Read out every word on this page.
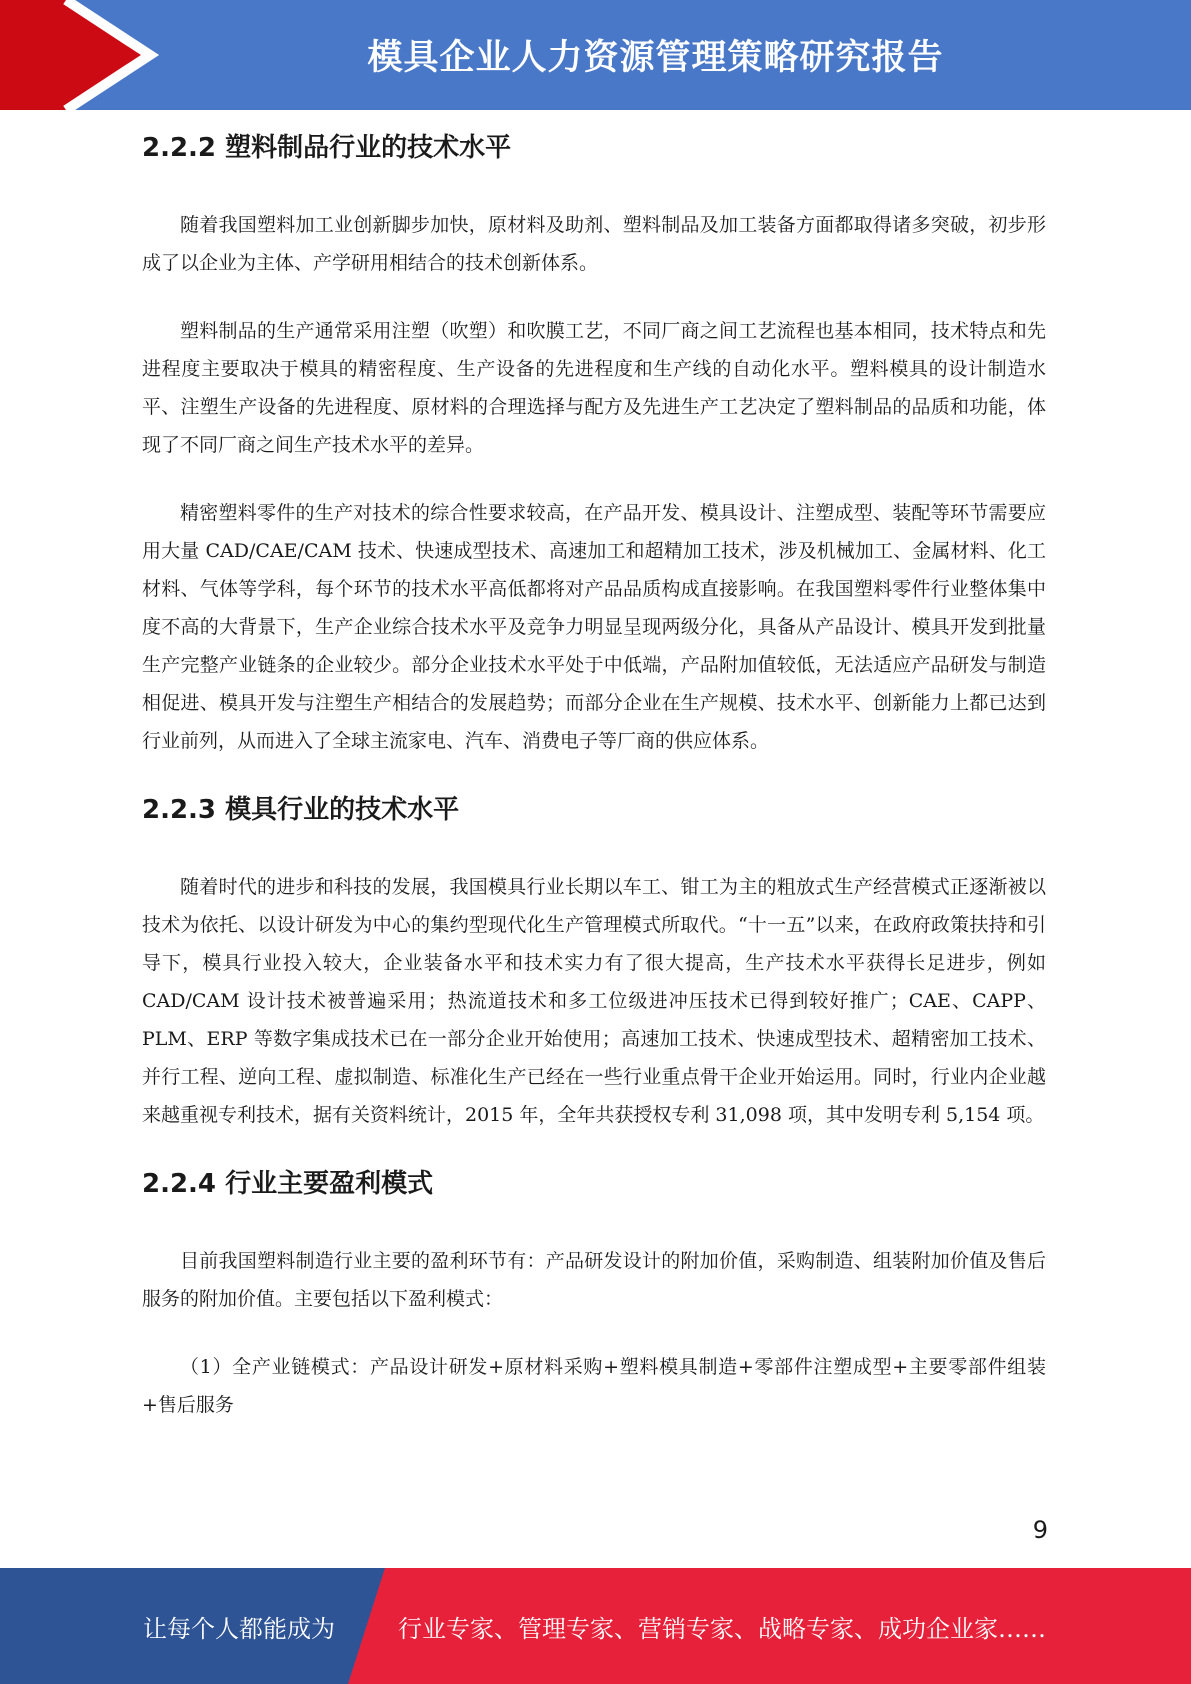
模具企业人力资源管理策略研究报告
2.2.2 塑料制品行业的技术水平

随着我国塑料加工业创新脚步加快，原材料及助剂、塑料制品及加工装备方面都取得诸多突破，初步形成了以企业为主体、产学研用相结合的技术创新体系。

塑料制品的生产通常采用注塑（吹塑）和吹膜工艺，不同厂商之间工艺流程也基本相同，技术特点和先进程度主要取决于模具的精密程度、生产设备的先进程度和生产线的自动化水平。塑料模具的设计制造水平、注塑生产设备的先进程度、原材料的合理选择与配方及先进生产工艺决定了塑料制品的品质和功能，体现了不同厂商之间生产技术水平的差异。

精密塑料零件的生产对技术的综合性要求较高，在产品开发、模具设计、注塑成型、装配等环节需要应用大量 CAD/CAE/CAM 技术、快速成型技术、高速加工和超精加工技术，涉及机械加工、金属材料、化工材料、气体等学科，每个环节的技术水平高低都将对产品品质构成直接影响。在我国塑料零件行业整体集中度不高的大背景下，生产企业综合技术水平及竞争力明显呈现两级分化，具备从产品设计、模具开发到批量生产完整产业链条的企业较少。部分企业技术水平处于中低端，产品附加值较低，无法适应产品研发与制造相促进、模具开发与注塑生产相结合的发展趋势；而部分企业在生产规模、技术水平、创新能力上都已达到行业前列，从而进入了全球主流家电、汽车、消费电子等厂商的供应体系。

2.2.3 模具行业的技术水平

随着时代的进步和科技的发展，我国模具行业长期以车工、钳工为主的粗放式生产经营模式正逐渐被以技术为依托、以设计研发为中心的集约型现代化生产管理模式所取代。“十一五”以来，在政府政策扶持和引导下，模具行业投入较大，企业装备水平和技术实力有了很大提高，生产技术水平获得长足进步，例如 CAD/CAM 设计技术被普遍采用；热流道技术和多工位级进冲压技术已得到较好推广；CAE、CAPP、PLM、ERP 等数字集成技术已在一部分企业开始使用；高速加工技术、快速成型技术、超精密加工技术、并行工程、逆向工程、虚拟制造、标准化生产已经在一些行业重点骨干企业开始运用。同时，行业内企业越来越重视专利技术，据有关资料统计，2015 年，全年共获授权专利 31,098 项，其中发明专利 5,154 项。

2.2.4 行业主要盈利模式

目前我国塑料制造行业主要的盈利环节有：产品研发设计的附加价值，采购制造、组装附加价值及售后服务的附加价值。主要包括以下盈利模式：

（1）全产业链模式：产品设计研发+原材料采购+塑料模具制造+零部件注塑成型+主要零部件组装+售后服务

9
让每个人都能成为	行业专家、管理专家、营销专家、战略专家、成功企业家……
